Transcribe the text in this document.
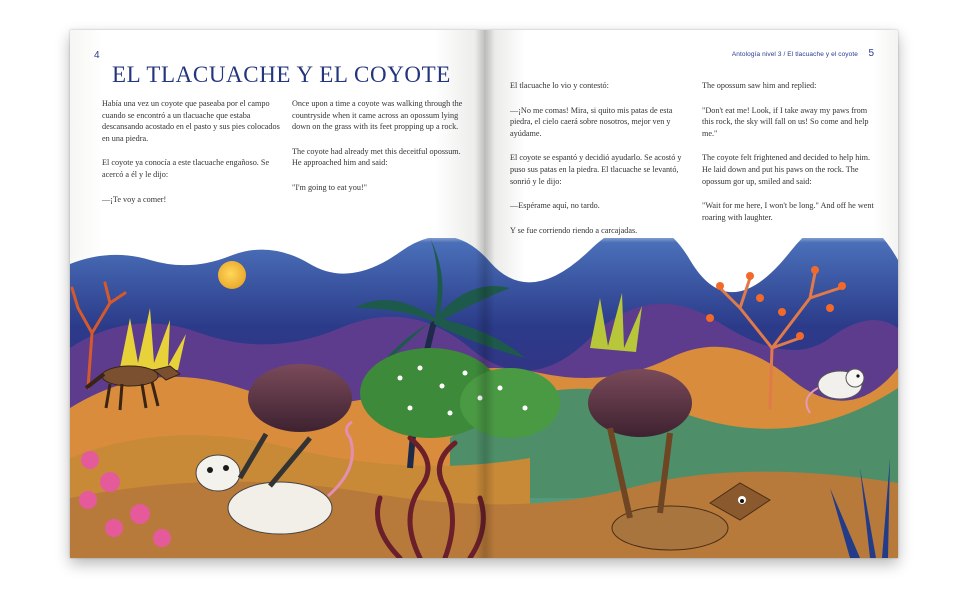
4
EL TLACUACHE Y EL COYOTE

Había una vez un coyote que paseaba por el campo cuando se encontró a un tlacuache que estaba descansando acostado en el pasto y sus pies colocados en una piedra.

El coyote ya conocía a este tlacuache engañoso. Se acercó a él y le dijo:

—¡Te voy a comer!

Once upon a time a coyote was walking through the countryside when it came across an opossum lying down on the grass with its feet propping up a rock.

The coyote had already met this deceitful opossum. He approached him and said:

"I'm going to eat you!"

Antología nivel 3 / El tlacuache y el coyote 5

El tlacuache lo vio y contestó:

—¡No me comas! Mira, si quito mis patas de esta piedra, el cielo caerá sobre nosotros, mejor ven y ayúdame.

El coyote se espantó y decidió ayudarlo. Se acostó y puso sus patas en la piedra. El tlacuache se levantó, sonrió y le dijo:

—Espérame aquí, no tardo.

Y se fue corriendo riendo a carcajadas.

The opossum saw him and replied:

"Don't eat me! Look, if I take away my paws from this rock, the sky will fall on us! So come and help me."

The coyote felt frightened and decided to help him. He laid down and put his paws on the rock. The opossum gor up, smiled and said:

"Wait for me here, I won't be long." And off he went roaring with laughter.
